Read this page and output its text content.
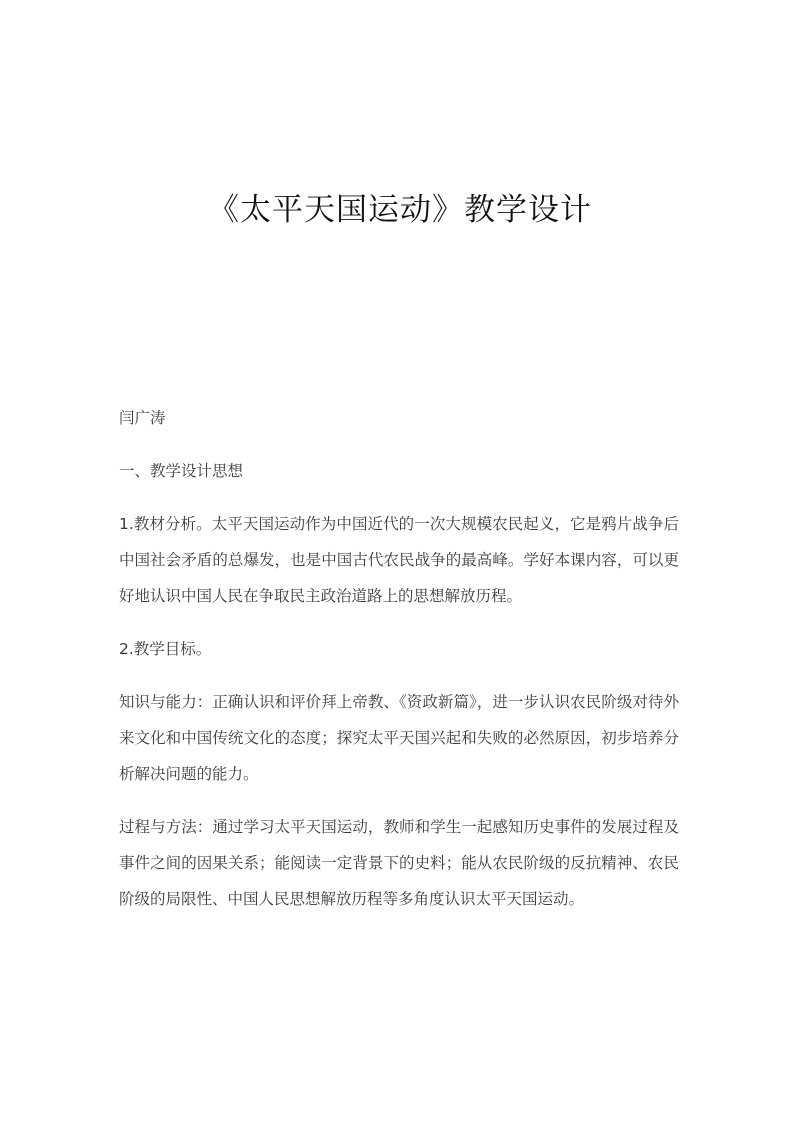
《太平天国运动》教学设计

闫广涛

一、教学设计思想

1.教材分析。太平天国运动作为中国近代的一次大规模农民起义，它是鸦片战争后中国社会矛盾的总爆发，也是中国古代农民战争的最高峰。学好本课内容，可以更好地认识中国人民在争取民主政治道路上的思想解放历程。

2.教学目标。

知识与能力：正确认识和评价拜上帝教、《资政新篇》，进一步认识农民阶级对待外来文化和中国传统文化的态度；探究太平天国兴起和失败的必然原因，初步培养分析解决问题的能力。

过程与方法：通过学习太平天国运动，教师和学生一起感知历史事件的发展过程及事件之间的因果关系；能阅读一定背景下的史料；能从农民阶级的反抗精神、农民阶级的局限性、中国人民思想解放历程等多角度认识太平天国运动。
